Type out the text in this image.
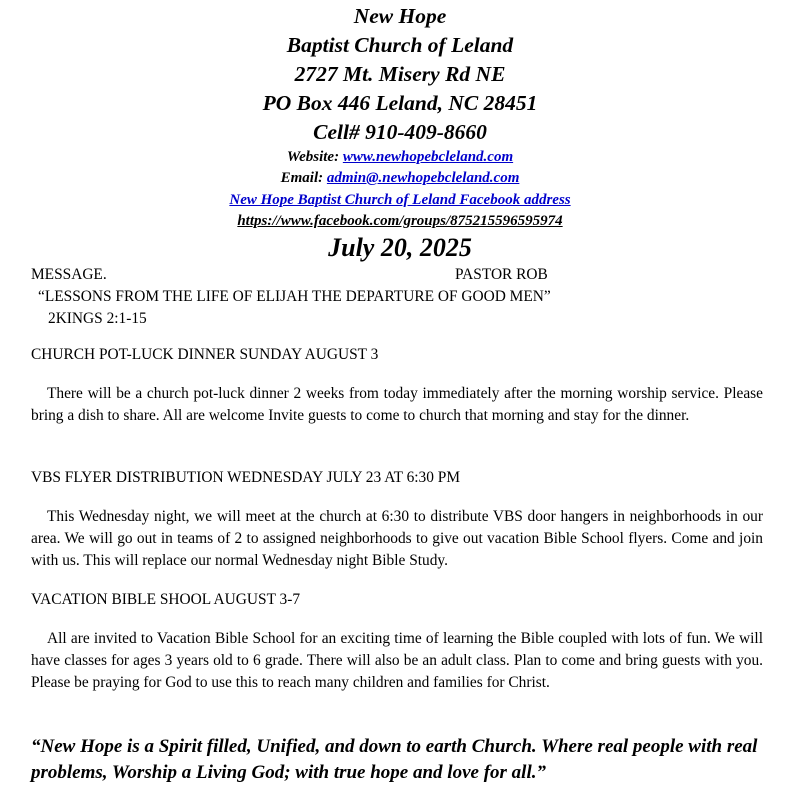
New Hope
Baptist Church of Leland
2727 Mt. Misery Rd NE
PO Box 446 Leland, NC 28451
Cell# 910-409-8660
Website: www.newhopebcleland.com
Email: admin@.newhopebcleland.com
New Hope Baptist Church of Leland Facebook address
https://www.facebook.com/groups/875215596595974
July 20, 2025
MESSAGE.	PASTOR ROB
“LESSONS FROM THE LIFE OF ELIJAH THE DEPARTURE OF GOOD MEN”
2KINGS 2:1-15
CHURCH POT-LUCK DINNER SUNDAY AUGUST 3
There will be a church pot-luck dinner 2 weeks from today immediately after the morning worship service. Please bring a dish to share. All are welcome Invite guests to come to church that morning and stay for the dinner.
VBS FLYER DISTRIBUTION WEDNESDAY JULY 23 AT 6:30 PM
This Wednesday night, we will meet at the church at 6:30 to distribute VBS door hangers in neighborhoods in our area. We will go out in teams of 2 to assigned neighborhoods to give out vacation Bible School flyers. Come and join with us. This will replace our normal Wednesday night Bible Study.
VACATION BIBLE SHOOL AUGUST 3-7
All are invited to Vacation Bible School for an exciting time of learning the Bible coupled with lots of fun. We will have classes for ages 3 years old to 6 grade. There will also be an adult class. Plan to come and bring guests with you. Please be praying for God to use this to reach many children and families for Christ.
“New Hope is a Spirit filled, Unified, and down to earth Church. Where real people with real problems, Worship a Living God; with true hope and love for all.”
